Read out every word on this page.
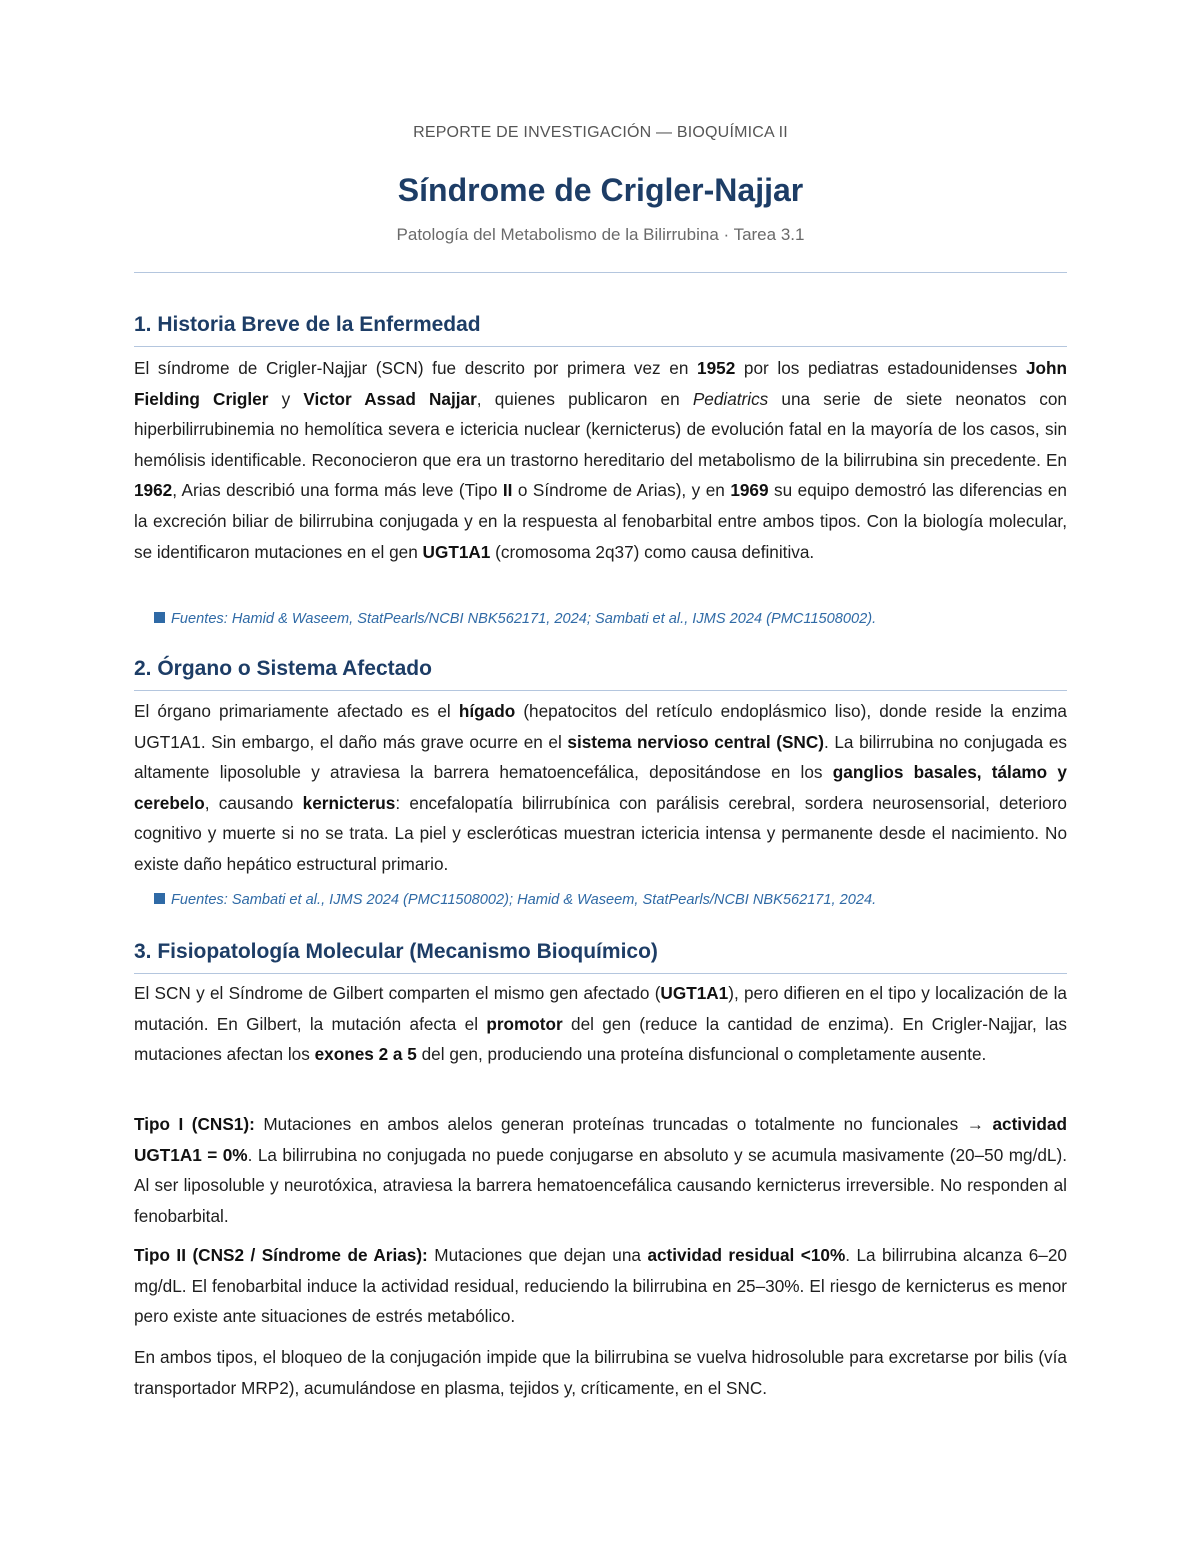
REPORTE DE INVESTIGACIÓN — BIOQUÍMICA II
Síndrome de Crigler-Najjar
Patología del Metabolismo de la Bilirrubina · Tarea 3.1
1. Historia Breve de la Enfermedad

El síndrome de Crigler-Najjar (SCN) fue descrito por primera vez en 1952 por los pediatras estadounidenses John Fielding Crigler y Victor Assad Najjar, quienes publicaron en Pediatrics una serie de siete neonatos con hiperbilirrubinemia no hemolítica severa e ictericia nuclear (kernicterus) de evolución fatal en la mayoría de los casos, sin hemólisis identificable. Reconocieron que era un trastorno hereditario del metabolismo de la bilirrubina sin precedente. En 1962, Arias describió una forma más leve (Tipo II o Síndrome de Arias), y en 1969 su equipo demostró las diferencias en la excreción biliar de bilirrubina conjugada y en la respuesta al fenobarbital entre ambos tipos. Con la biología molecular, se identificaron mutaciones en el gen UGT1A1 (cromosoma 2q37) como causa definitiva.

Fuentes: Hamid & Waseem, StatPearls/NCBI NBK562171, 2024; Sambati et al., IJMS 2024 (PMC11508002).

2. Órgano o Sistema Afectado

El órgano primariamente afectado es el hígado (hepatocitos del retículo endoplásmico liso), donde reside la enzima UGT1A1. Sin embargo, el daño más grave ocurre en el sistema nervioso central (SNC). La bilirrubina no conjugada es altamente liposoluble y atraviesa la barrera hematoencefálica, depositándose en los ganglios basales, tálamo y cerebelo, causando kernicterus: encefalopatía bilirrubínica con parálisis cerebral, sordera neurosensorial, deterioro cognitivo y muerte si no se trata. La piel y escleróticas muestran ictericia intensa y permanente desde el nacimiento. No existe daño hepático estructural primario.

Fuentes: Sambati et al., IJMS 2024 (PMC11508002); Hamid & Waseem, StatPearls/NCBI NBK562171, 2024.

3. Fisiopatología Molecular (Mecanismo Bioquímico)

El SCN y el Síndrome de Gilbert comparten el mismo gen afectado (UGT1A1), pero difieren en el tipo y localización de la mutación. En Gilbert, la mutación afecta el promotor del gen (reduce la cantidad de enzima). En Crigler-Najjar, las mutaciones afectan los exones 2 a 5 del gen, produciendo una proteína disfuncional o completamente ausente.

Tipo I (CNS1): Mutaciones en ambos alelos generan proteínas truncadas o totalmente no funcionales → actividad UGT1A1 = 0%. La bilirrubina no conjugada no puede conjugarse en absoluto y se acumula masivamente (20–50 mg/dL). Al ser liposoluble y neurotóxica, atraviesa la barrera hematoencefálica causando kernicterus irreversible. No responden al fenobarbital.

Tipo II (CNS2 / Síndrome de Arias): Mutaciones que dejan una actividad residual <10%. La bilirrubina alcanza 6–20 mg/dL. El fenobarbital induce la actividad residual, reduciendo la bilirrubina en 25–30%. El riesgo de kernicterus es menor pero existe ante situaciones de estrés metabólico.

En ambos tipos, el bloqueo de la conjugación impide que la bilirrubina se vuelva hidrosoluble para excretarse por bilis (vía transportador MRP2), acumulándose en plasma, tejidos y, críticamente, en el SNC.
